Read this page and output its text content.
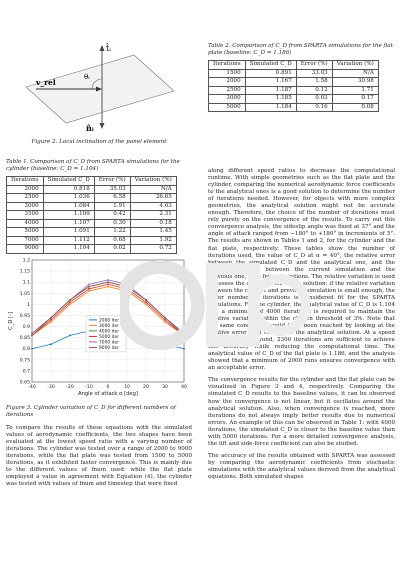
t̂ᵢ
θᵢ
v_rel
n̂ᵢ
Figure 2. Local inclination of the panel element
Table 1. Comparison of C_D from SPARTA simulations for the cylinder (baseline: C_D = 1.104)
Iterations	Simulated C_D	Error (%)	Variation (%)
2000	0.818	35.03	N/A
2500	1.036	6.58	26.65
3000	1.084	1.91	4.63
3500	1.109	0.42	2.31
4000	1.107	0.30	0.18
5000	1.091	1.22	1.45
7000	1.112	0.68	1.92
9000	1.104	0.02	0.72
-40 -30 -20 -10	0	10	20	30	40
0.65
0.7
0.75
0.8
0.85
0.9
0.95
1
1.05
1.1
1.15
1.2
Angle of attack α [deg]
C_D [-]	2000 iter
3000 iter
4000 iter
5000 iter
7000 iter
9000 iter
Figure 3. Cylinder variation of C_D for different numbers of iterations

To compare the results of these equations with the simulated values of aerodynamic coefficients, the two shapes have been evaluated at the lowest speed ratio with a varying number of iterations. The cylinder was tested over a range of 2000 to 9000 iterations, while the flat plate was tested from 1500 to 5000 iterations, as it exhibited faster convergence. This is mainly due to the different values of fnum used: while the flat plate employed a value in agreement with Equation (4), the cylinder was tested with values of fnum and timestep that were fixed

Table 2. Comparison of C_D from SPARTA simulations for the flat plate (baseline: C_D = 1.186)
Iterations	Simulated C_D	Error (%)	Variation (%)
1500	0.891	33.03	N/A
2000	1.167	1.58	30.98
2500	1.187	0.12	1.71
3000	1.185	0.03	0.17
5000	1.184	0.16	0.08

along different speed ratios to decrease the computational runtime. With simple geometries such as the flat plate and the cylinder, comparing the numerical aerodynamic force coefficients to the analytical ones is a good solution to determine the number of iterations needed. However, for objects with more complex geometries, the analytical solution might not be accurate enough. Therefore, the choice of the number of iterations must rely purely on the convergence of the results. To carry out this convergence analysis, the sideslip angle was fixed at 37° and the angle of attack ranged from −180° to +180° in increments of 5°. The results are shown in Tables 1 and 2, for the cylinder and the flat plate, respectively. These tables show the number of iterations used, the value of C_D at α = 40°, the relative error between the simulated C_D and the analytical one, and the relative variation between the current simulation and the previous one, with fewer iterations. The relative variation is used to assess the convergence of the solution: if the relative variation between the current and previous simulation is small enough, the lower number of iterations is considered fit for the SPARTA simulations. For the cylinder, the analytical value of C_D is 1.104 and a minimum of 4000 iterations is required to maintain the relative variation within the chosen threshold of 3%. Note that the same conclusion could have been reached by looking at the relative error with respect to the analytical solution. At a speed ratio of 4 and beyond, 2300 iterations are sufficient to achieve this accuracy while reducing the computational time. The analytical value of C_D of the flat plate is 1.186, and the analysis showed that a minimum of 2000 runs ensures convergence with an acceptable error.

The convergence results for the cylinder and the flat plate can be visualised in Figure 3 and 4, respectively. Comparing the simulated C_D results to the baseline values, it can be observed how the convergence is not linear, but it oscillates around the analytical solution. Also, when convergence is reached, more iterations do not always imply better results due to numerical errors. An example of this can be observed in Table 1: with 4000 iterations, the simulated C_D is closer to the baseline value than with 5000 iterations. For a more detailed convergence analysis, the lift and side-force coefficient can also be studied.

The accuracy of the results obtained with SPARTA was assessed by comparing the aerodynamic coefficients from stochastic simulations with the analytical values derived from the analytical equations. Both simulated shapes
